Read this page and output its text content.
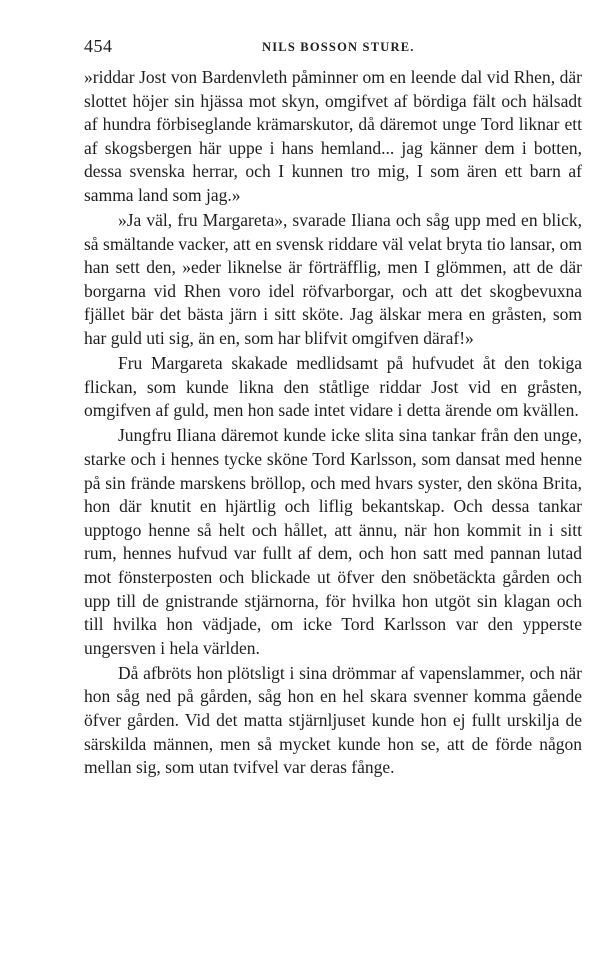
454	NILS BOSSON STURE.

»riddar Jost von Bardenvleth påminner om en leende dal vid Rhen, där slottet höjer sin hjässa mot skyn, omgifvet af bördiga fält och hälsadt af hundra förbiseglande krämarskutor, då däremot unge Tord liknar ett af skogsbergen här uppe i hans hemland... jag känner dem i botten, dessa svenska herrar, och I kunnen tro mig, I som ären ett barn af samma land som jag.»

»Ja väl, fru Margareta», svarade Iliana och såg upp med en blick, så smältande vacker, att en svensk riddare väl velat bryta tio lansar, om han sett den, »eder liknelse är förträfflig, men I glömmen, att de där borgarna vid Rhen voro idel röfvarborgar, och att det skogbevuxna fjället bär det bästa järn i sitt sköte. Jag älskar mera en gråsten, som har guld uti sig, än en, som har blifvit omgifven däraf!»

Fru Margareta skakade medlidsamt på hufvudet åt den tokiga flickan, som kunde likna den ståtlige riddar Jost vid en gråsten, omgifven af guld, men hon sade intet vidare i detta ärende om kvällen.

Jungfru Iliana däremot kunde icke slita sina tankar från den unge, starke och i hennes tycke sköne Tord Karlsson, som dansat med henne på sin frände marskens bröllop, och med hvars syster, den sköna Brita, hon där knutit en hjärtlig och liflig bekantskap. Och dessa tankar upptogo henne så helt och hållet, att ännu, när hon kommit in i sitt rum, hennes hufvud var fullt af dem, och hon satt med pannan lutad mot fönsterposten och blickade ut öfver den snöbetäckta gården och upp till de gnistrande stjärnorna, för hvilka hon utgöt sin klagan och till hvilka hon vädjade, om icke Tord Karlsson var den ypperste ungersven i hela världen.

Då afbröts hon plötsligt i sina drömmar af vapenslammer, och när hon såg ned på gården, såg hon en hel skara svenner komma gående öfver gården. Vid det matta stjärnljuset kunde hon ej fullt urskilja de särskilda männen, men så mycket kunde hon se, att de förde någon mellan sig, som utan tvifvel var deras fånge.
